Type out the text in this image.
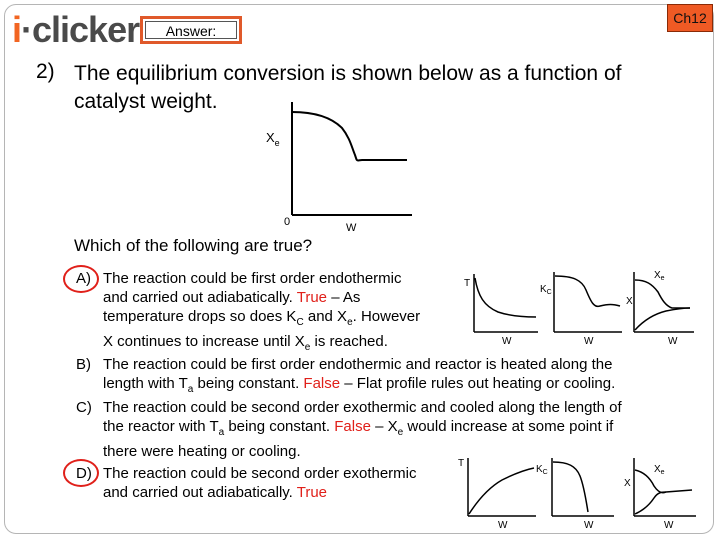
i·clicker	Answer:
Ch12
2) The equilibrium conversion is shown below as a function of catalyst weight.
$X_e$
0	W
Which of the following are true?
A) The reaction could be first order endothermic
and carried out adiabatically. True – As
temperature drops so does $K_C$ and $X_e$. However
X continues to increase until $X_e$ is reached.
T
W
$K_C$
W
$X_e$
X
W
B) The reaction could be first order endothermic and reactor is heated along the
length with $T_a$ being constant. False – Flat profile rules out heating or cooling.
C) The reaction could be second order exothermic and cooled along the length of
the reactor with $T_a$ being constant. False – $X_e$ would increase at some point if
there were heating or cooling.
D) The reaction could be second order exothermic
and carried out adiabatically. True
T
W
$K_C$
W
$X_e$
X
W
